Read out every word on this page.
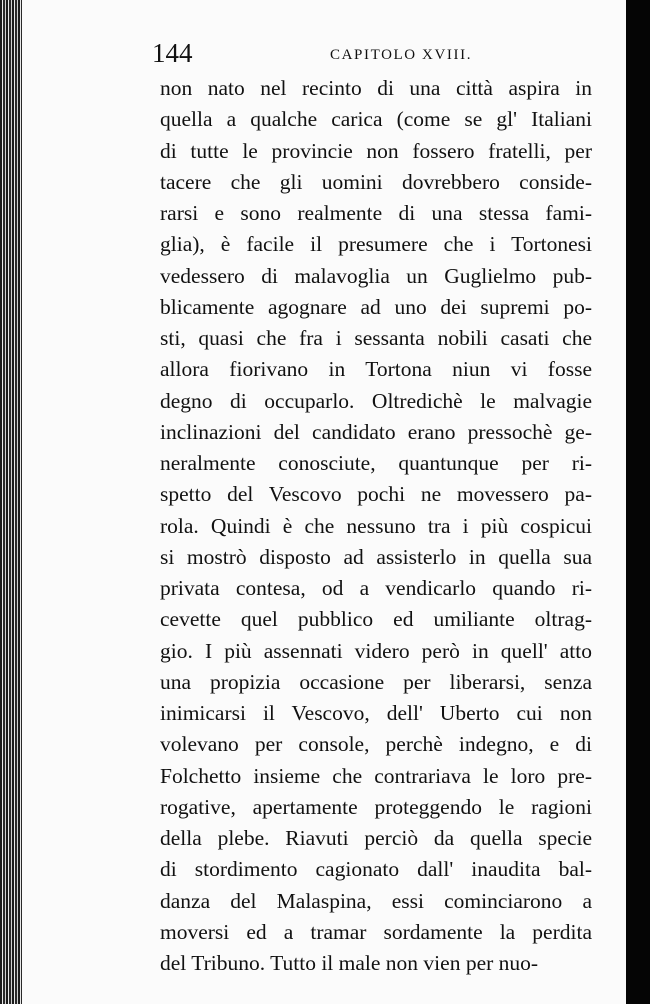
144	CAPITOLO XVIII.
non nato nel recinto di una città aspira in
quella a qualche carica (come se gl' Italiani
di tutte le provincie non fossero fratelli, per
tacere che gli uomini dovrebbero conside-
rarsi e sono realmente di una stessa fami-
glia), è facile il presumere che i Tortonesi
vedessero di malavoglia un Guglielmo pub-
blicamente agognare ad uno dei supremi po-
sti, quasi che fra i sessanta nobili casati che
allora fiorivano in Tortona niun vi fosse
degno di occuparlo. Oltredichè le malvagie
inclinazioni del candidato erano pressochè ge-
neralmente conosciute, quantunque per ri-
spetto del Vescovo pochi ne movessero pa-
rola. Quindi è che nessuno tra i più cospicui
si mostrò disposto ad assisterlo in quella sua
privata contesa, od a vendicarlo quando ri-
cevette quel pubblico ed umiliante oltrag-
gio. I più assennati videro però in quell' atto
una propizia occasione per liberarsi, senza
inimicarsi il Vescovo, dell' Uberto cui non
volevano per console, perchè indegno, e di
Folchetto insieme che contrariava le loro pre-
rogative, apertamente proteggendo le ragioni
della plebe. Riavuti perciò da quella specie
di stordimento cagionato dall' inaudita bal-
danza del Malaspina, essi cominciarono a
moversi ed a tramar sordamente la perdita
del Tribuno. Tutto il male non vien per nuo-
